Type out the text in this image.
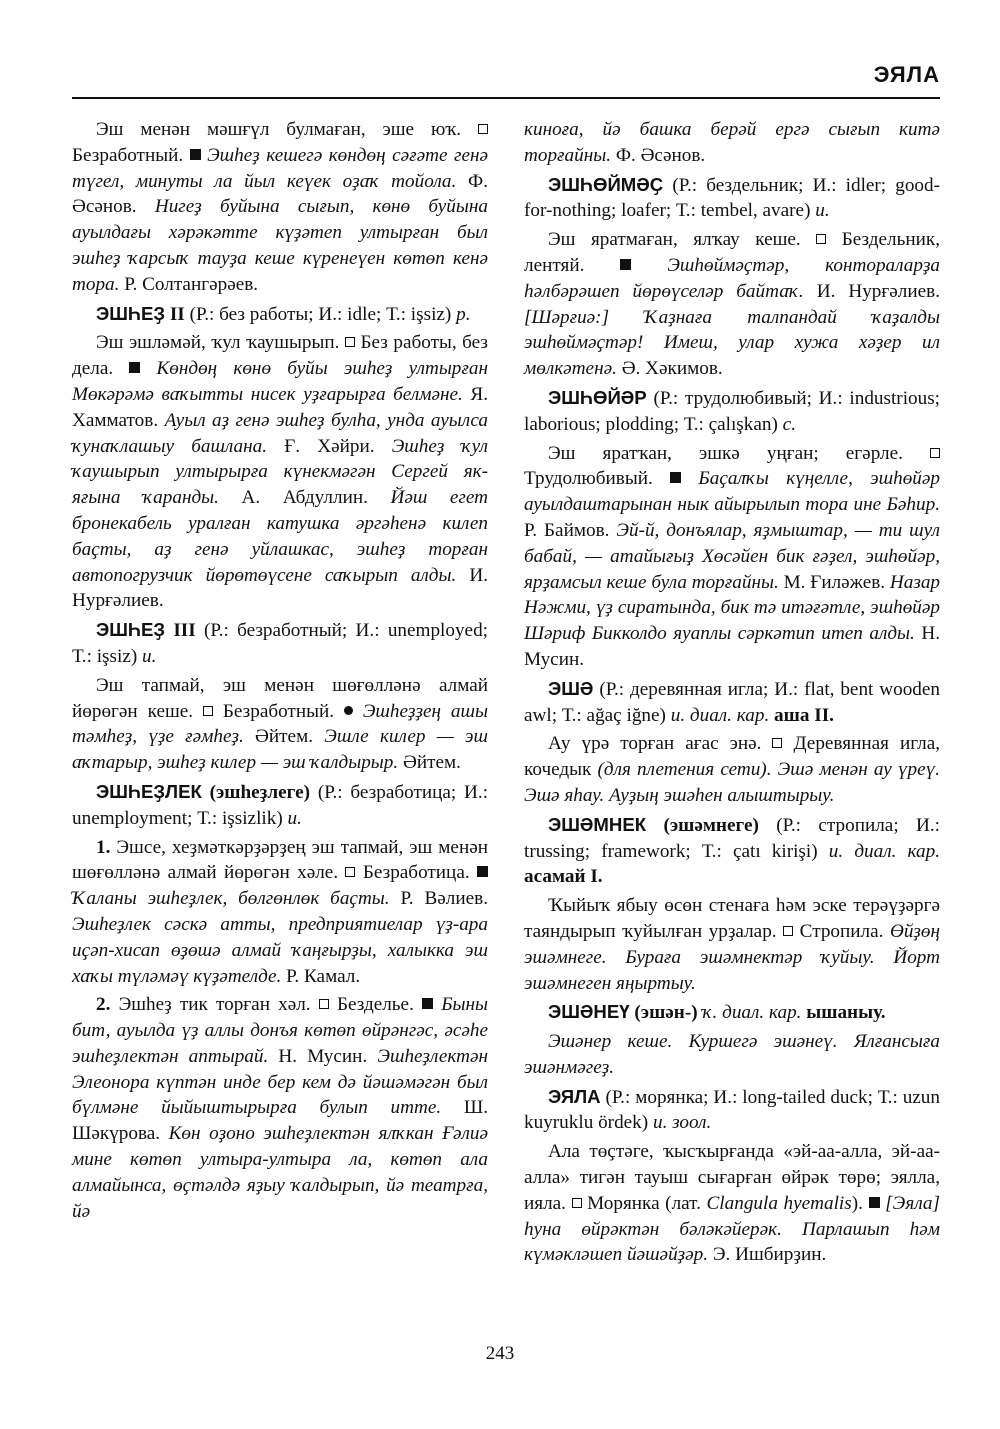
ЭЯЛА

Эш менән мәшғүл булмаған, эше юҡ.  Безработный. Эшһеҙ кешегә көндөң сәғәте генә түгел, минуты ла йыл кеүек оҙаҡ тойола. Ф. Әсәнов. Нигеҙ буйына сығып, көнө буйына ауылдағы хәрәкәтте күҙәтеп ултырған был эшһеҙ ҡарсыҡ тауҙа кеше күренеүен көтөп кенә тора. Р. Солтангәрәев.

ЭШҺЕҘ II (Р.: без работы; И.: idle; Т.: işsiz) р.

Эш эшләмәй, ҡул ҡаушырып. Без работы, без дела. Көндөң көнө буйы эшһеҙ ултырған Мөкәрәмә ваҡытты нисек уҙғарырға белмәне. Я. Хамматов. Ауыл аҙ генә эшһеҙ булһа, унда ауылса ҡунаҡлашыу башлана. Ғ. Хәйри. Эшһеҙ ҡул ҡаушырып ултырырға күнекмәгән Сергей як-яғына ҡаранды. А. Абдуллин. Йәш егет бронекабель уралған катушка әргәһенә килеп баҫты, аҙ генә уйлашкас, эшһеҙ торған автопогрузчик йөрөтөүсене саҡырып алды. И. Нурғәлиев.

ЭШҺЕҘ III (Р.: безработный; И.: unemployed; Т.: işsiz) и.

Эш тапмай, эш менән шөғөлләнә алмай йөрөгән кеше. Безработный. Эшһеҙҙең ашы тәмһеҙ, үҙе ғәмһеҙ. Әйтем. Эшле килер — эш аҡтарыр, эшһеҙ килер — эш ҡалдырыр. Әйтем.

ЭШҺЕҘЛЕК (эшһеҙлеге) (Р.: безработица; И.: unemployment; Т.: işsizlik) и.

1. Эшсе, хеҙмәткәрҙәрҙең эш тапмай, эш менән шөғөлләнә алмай йөрөгән хәле. Безработица.  Ҡаланы эшһеҙлек, бөлгөнлөк баҫты. Р. Вәлиев. Эшһеҙлек сәскә атты, предприятиелар үҙ-ара иҫәп-хисап өҙөшә алмай ҡаңғырҙы, халыкка эш хаҡы түләмәү күҙәтелде. Р. Камал.

2. Эшһеҙ тик торған хәл. Безделье. Быны бит, ауылда үҙ аллы донъя көтөп өйрәнгәс, әсәһе эшһеҙлектән аптырай. Н. Мусин. Эшһеҙлектән Элеонора күптән инде бер кем дә йәшәмәгән был бүлмәне йыйыштырырға булып итте. Ш. Шәкүрова. Көн оҙоно эшһеҙлектән ялҡкан Ғәлиә мине көтөп ултыра-ултыра ла, көтөп ала алмайынса, өҫтәлдә яҙыу ҡалдырып, йә театрға, йә

киноға, йә башка берәй ергә сығып китә торғайны. Ф. Әсәнов.

ЭШҺӨЙМӘҪ (Р.: бездельник; И.: idler; good-for-nothing; loafer; Т.: tembel, avare) и.

Эш яратмаған, ялҡау кеше. Бездельник, лентяй.	Эшһөймәҫтәр, контораларҙа һәлбәрәшеп йөрөүселәр байтаҡ. И. Нурғәлиев. [Шәрғиә:] Ҡаҙнаға талпандай ҡаҙалды эшһөймәҫтәр! Имеш, улар хужа хәҙер ил мөлкәтенә. Ә. Хәкимов.

ЭШҺӨЙӘР (Р.: трудолюбивый; И.: industrious; laborious; plodding; Т.: çalışkan) с.

Эш яратҡан, эшкә уңған; егәрле.  Трудолюбивый. Баҫалҡы күңелле, эшһөйәр ауылдаштарынан нык айырылып тора ине Бәһир. Р. Баймов. Эй-й, донъялар, яҙмыштар, — ти шул бабай, — атайығыҙ Хөсәйен бик ғәҙел, эшһөйәр, ярҙамсыл кеше була торғайны. М. Ғиләжев. Назар Нәжми, үҙ сиратында, бик тә итәғәтле, эшһөйәр Шәриф Бикколдо яуаплы сәркәтип итеп алды. Н. Мусин.

ЭШӘ (Р.: деревянная игла; И.: flat, bent wooden awl; Т.: ağaç iğne) и. диал. кар. аша II.

Ау үрә торған ағас энә. Деревянная игла, кочедык (для плетения сети). Эшә менән ау үреү. Эшә яһау. Ауҙың эшәһен алыштырыу.

ЭШӘМНЕК (эшәмнеге) (Р.: стропила; И.: trussing; framework; Т.: çatı kirişi) и. диал. кар. асамай I.

Ҡыйыҡ ябыу өсөн стенаға һәм эске терәүҙәргә таяндырып ҡуйылған урҙалар. Стропила. Өйҙөң эшәмнеге. Бураға эшәмнектәр ҡуйыу. Йорт эшәмнеген яңыртыу.

ЭШӘНЕҮ (эшән-) ҡ. диал. кар. ышаныу.

Эшәнер кеше. Куршегә эшәнеү. Ялғансыға эшәнмәгеҙ.

ЭЯЛА (Р.: морянка; И.: long-tailed duck; Т.: uzun kuyruklu ördek) и. зоол.

Ала төҫтәге, ҡысҡырғанда «эй-аа-алла, эй-аа-алла» тигән тауыш сығарған өйрәк төрө; эялла, ияла. Морянка (лат. Clangula hyemalis). [Эяла] һуна өйрәктән бәләкәйерәк. Парлашып һәм күмәкләшеп йәшәйҙәр. Э. Ишбирҙин.

243
